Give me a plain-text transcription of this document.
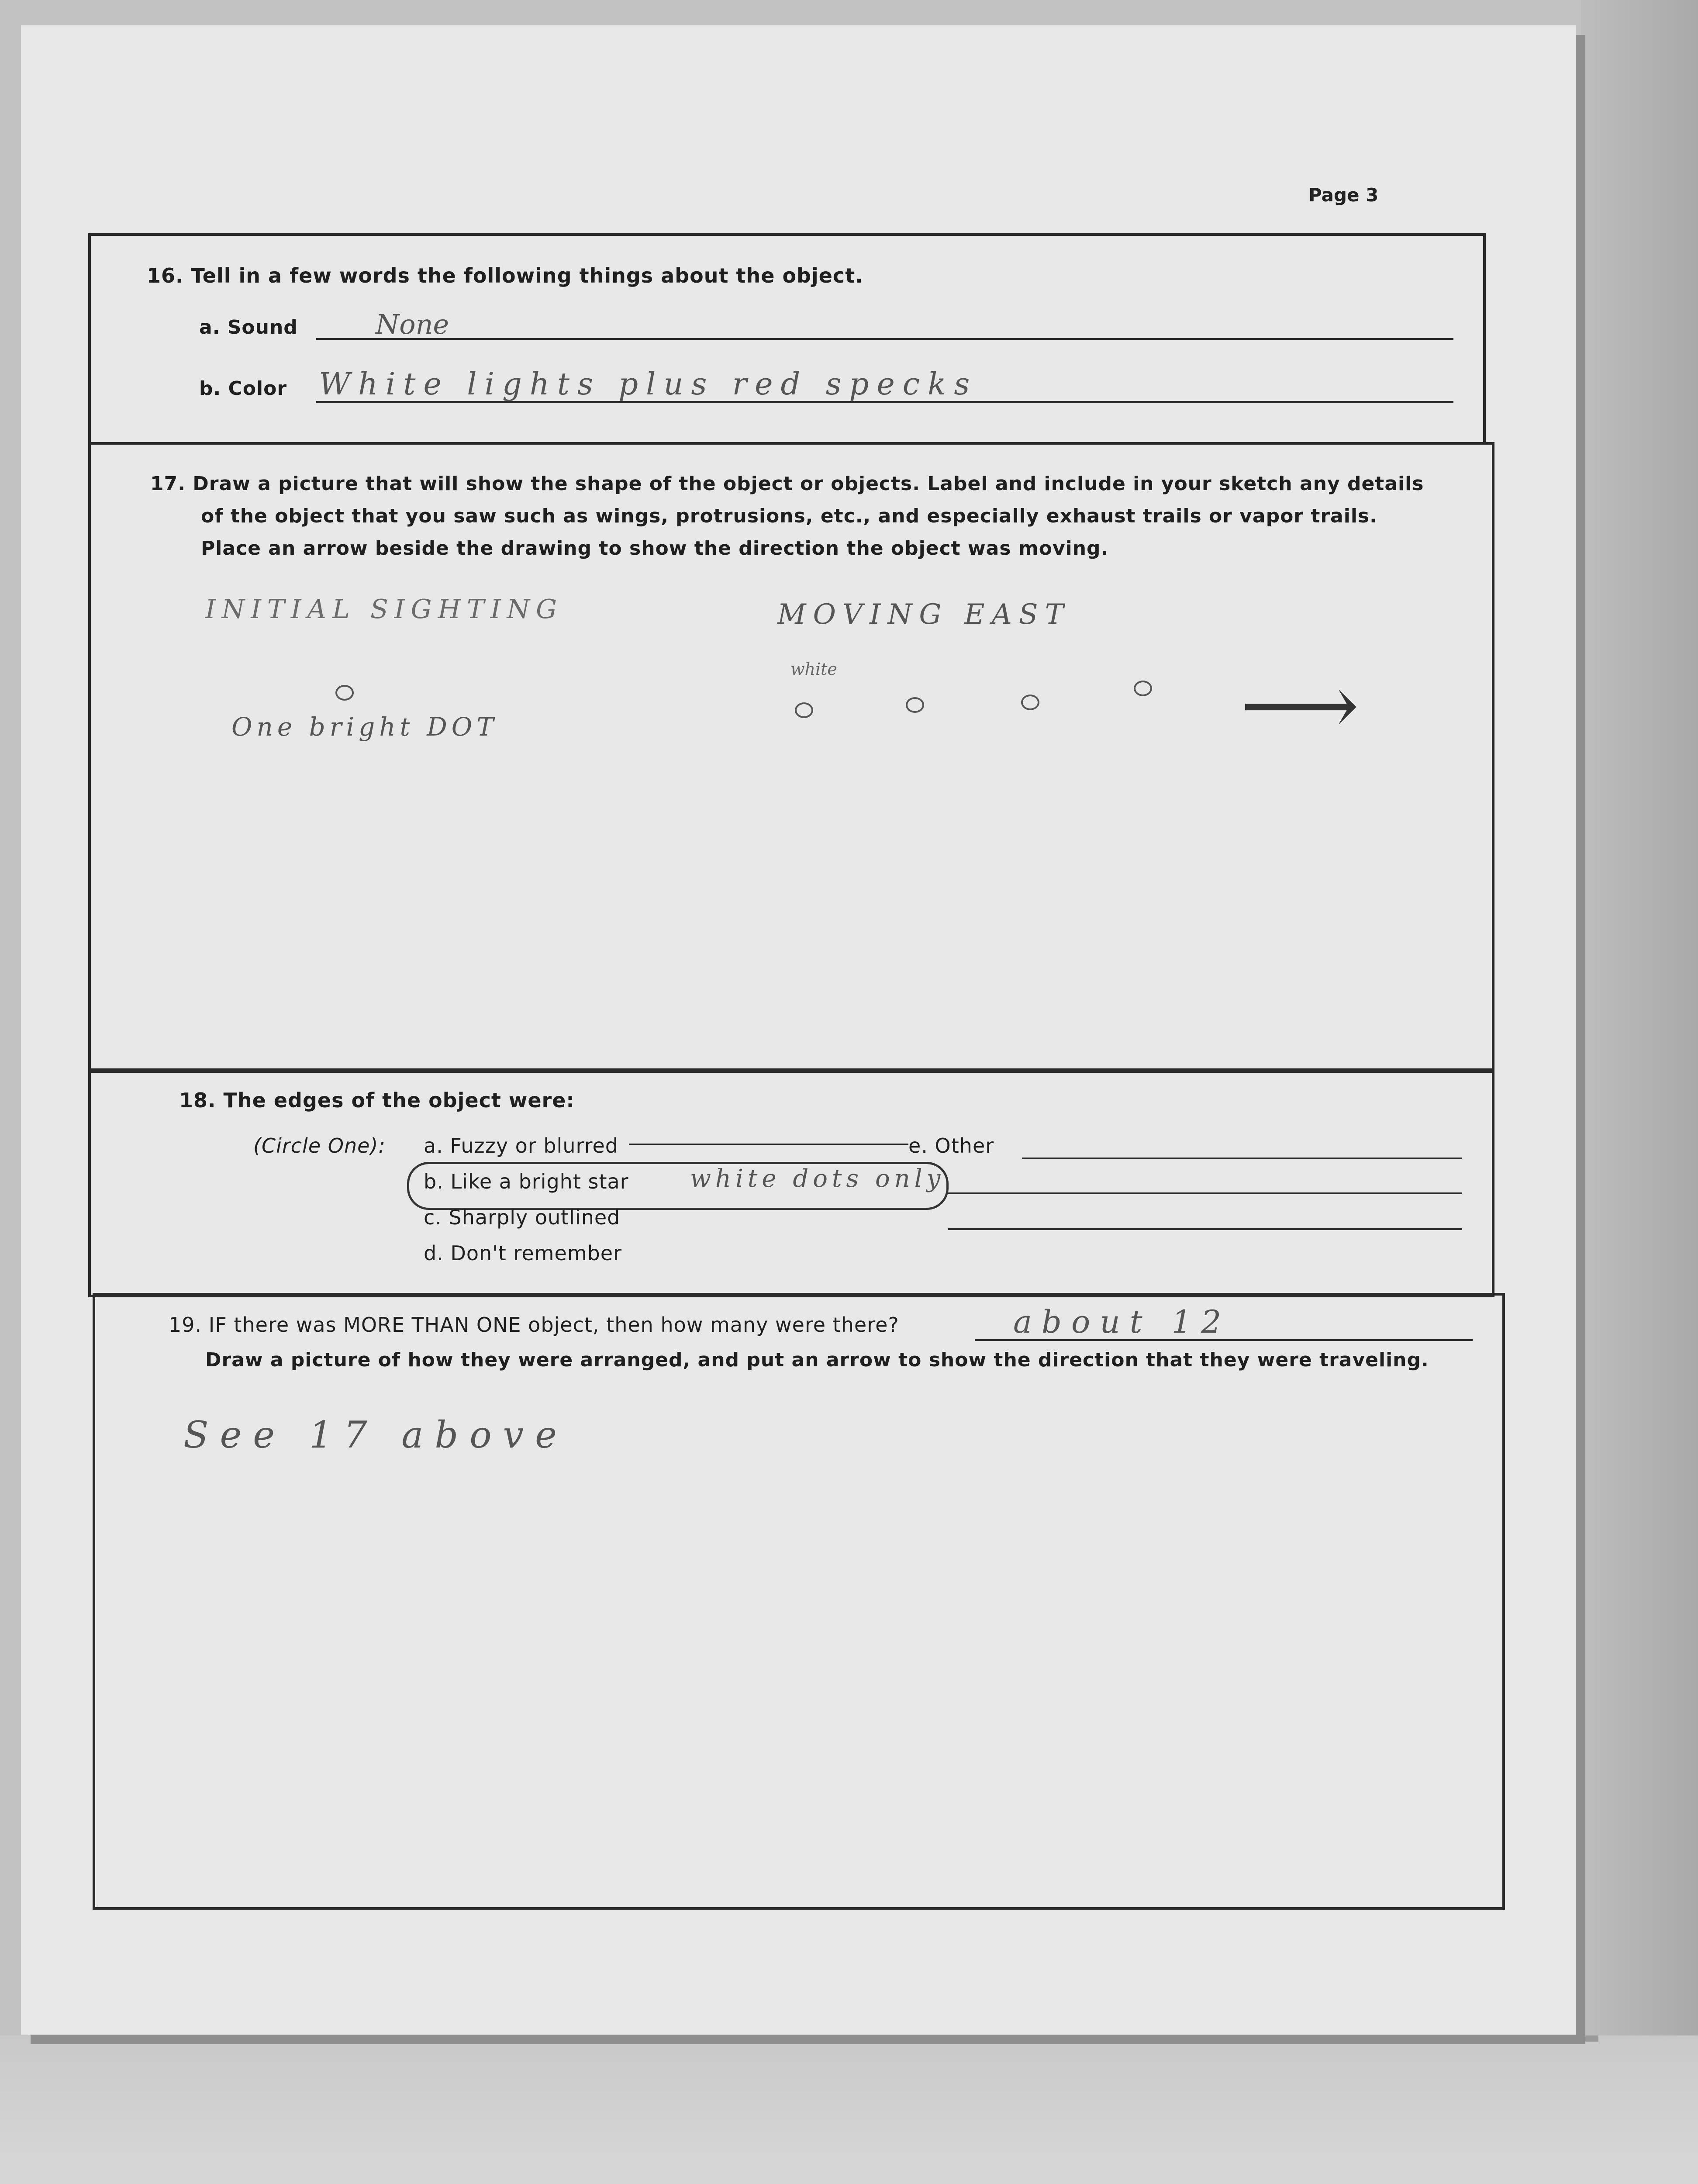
Page 3
16. Tell in a few words the following things about the object.
a. Sound	None
b. Color White lights plus red specks
17. Draw a picture that will show the shape of the object or objects. Label and include in your sketch any details
of the object that you saw such as wings, protrusions, etc., and especially exhaust trails or vapor trails.
Place an arrow beside the drawing to show the direction the object was moving.
INITIAL SIGHTING	MOVING EAST
white
One bright DOT	⟶
18. The edges of the object were:
(Circle One): a. Fuzzy or blurred
b. Like a bright star	white dots only
c. Sharply outlined
d. Don't remember
e. Other
19. IF there was MORE THAN ONE object, then how many were there?	about 12
Draw a picture of how they were arranged, and put an arrow to show the direction that they were traveling.
See 17 above
